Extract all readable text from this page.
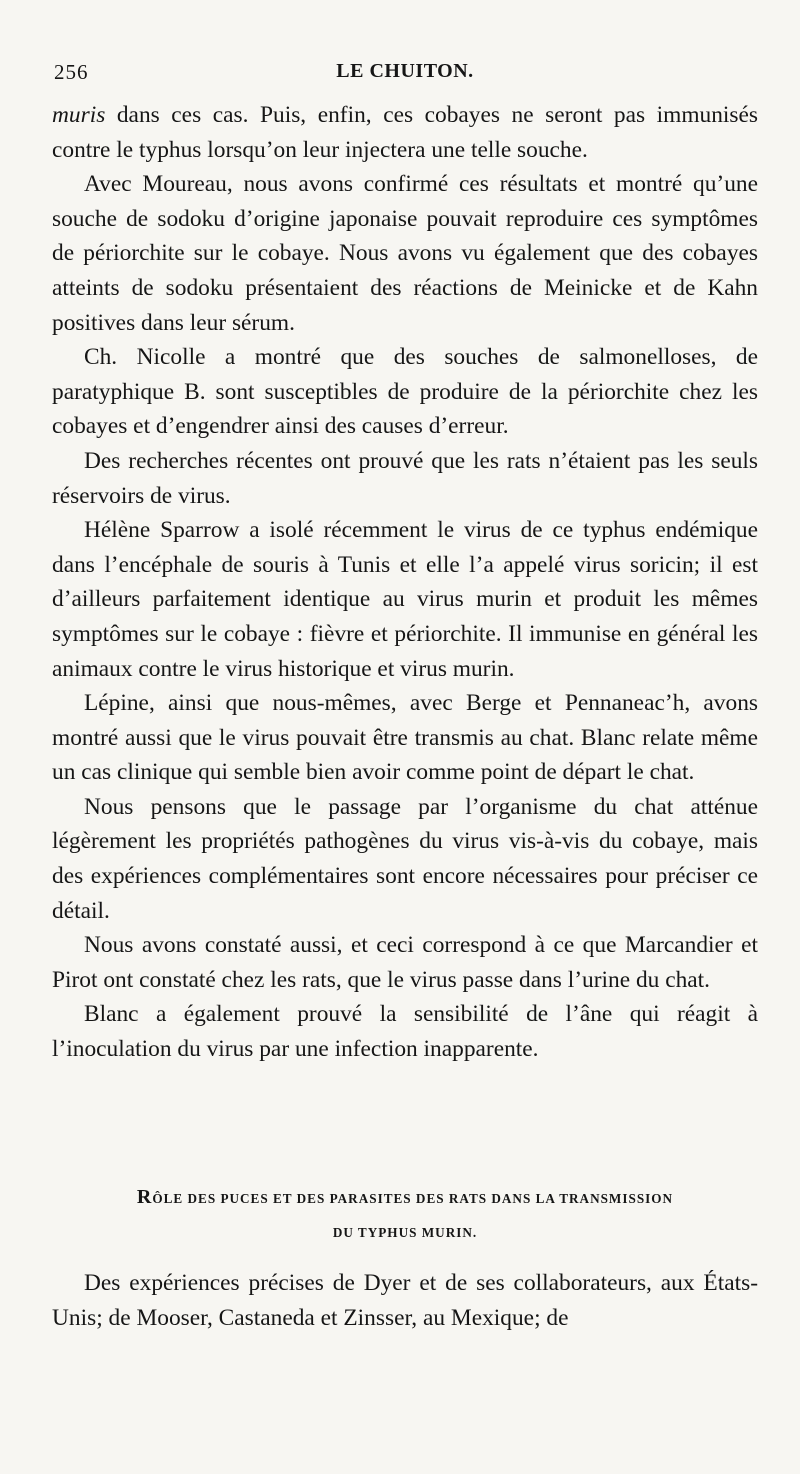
256	LE CHUITON.

muris dans ces cas. Puis, enfin, ces cobayes ne seront pas immunisés contre le typhus lorsqu’on leur injectera une telle souche.

Avec Moureau, nous avons confirmé ces résultats et montré qu’une souche de sodoku d’origine japonaise pouvait reproduire ces symptômes de périorchite sur le cobaye. Nous avons vu également que des cobayes atteints de sodoku présentaient des réactions de Meinicke et de Kahn positives dans leur sérum.

Ch. Nicolle a montré que des souches de salmonelloses, de paratyphique B. sont susceptibles de produire de la périorchite chez les cobayes et d’engendrer ainsi des causes d’erreur.

Des recherches récentes ont prouvé que les rats n’étaient pas les seuls réservoirs de virus.

Hélène Sparrow a isolé récemment le virus de ce typhus endémique dans l’encéphale de souris à Tunis et elle l’a appelé virus soricin; il est d’ailleurs parfaitement identique au virus murin et produit les mêmes symptômes sur le cobaye : fièvre et périorchite. Il immunise en général les animaux contre le virus historique et virus murin.

Lépine, ainsi que nous-mêmes, avec Berge et Pennaneac’h, avons montré aussi que le virus pouvait être transmis au chat. Blanc relate même un cas clinique qui semble bien avoir comme point de départ le chat.

Nous pensons que le passage par l’organisme du chat atténue légèrement les propriétés pathogènes du virus vis-à-vis du cobaye, mais des expériences complémentaires sont encore nécessaires pour préciser ce détail.

Nous avons constaté aussi, et ceci correspond à ce que Marcandier et Pirot ont constaté chez les rats, que le virus passe dans l’urine du chat.

Blanc a également prouvé la sensibilité de l’âne qui réagit à l’inoculation du virus par une infection inapparente.

RÔLE DES PUCES ET DES PARASITES DES RATS DANS LA TRANSMISSION
DU TYPHUS MURIN.

Des expériences précises de Dyer et de ses collaborateurs, aux États-Unis; de Mooser, Castaneda et Zinsser, au Mexique; de
